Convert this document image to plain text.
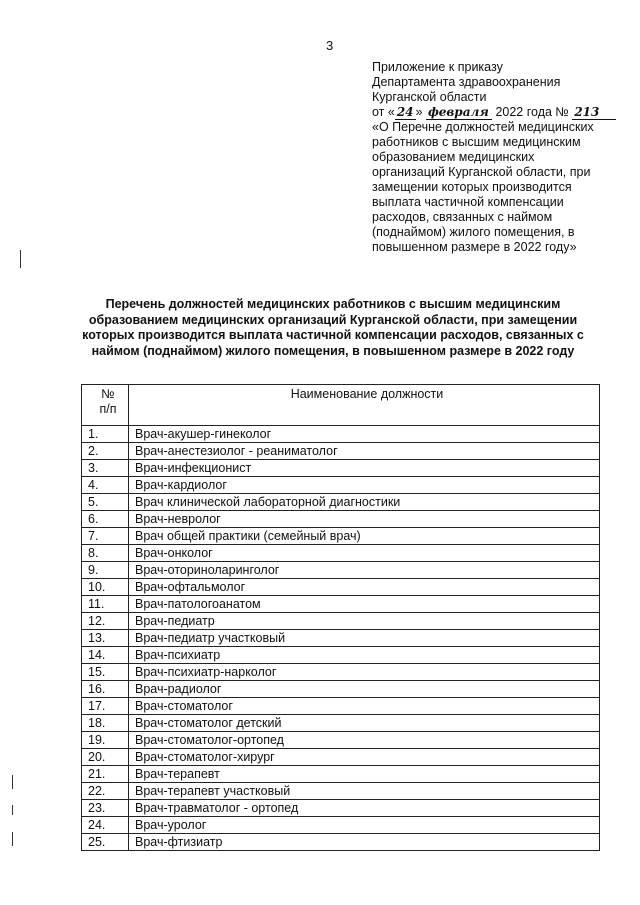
3
Приложение к приказу
Департамента здравоохранения
Курганской области
от « 24 » февраля 2022 года № 213
«О Перечне должностей медицинских
работников с высшим медицинским
образованием медицинских
организаций Курганской области, при
замещении которых производится
выплата частичной компенсации
расходов, связанных с наймом
(поднаймом) жилого помещения, в
повышенном размере в 2022 году»
Перечень должностей медицинских работников с высшим медицинским образованием медицинских организаций Курганской области, при замещении которых производится выплата частичной компенсации расходов, связанных с наймом (поднаймом) жилого помещения, в повышенном размере в 2022 году
№
п/п	Наименование должности
1.	Врач-акушер-гинеколог
2.	Врач-анестезиолог - реаниматолог
3.	Врач-инфекционист
4.	Врач-кардиолог
5.	Врач клинической лабораторной диагностики
6.	Врач-невролог
7.	Врач общей практики (семейный врач)
8.	Врач-онколог
9.	Врач-оториноларинголог
10.	Врач-офтальмолог
11.	Врач-патологоанатом
12.	Врач-педиатр
13.	Врач-педиатр участковый
14.	Врач-психиатр
15.	Врач-психиатр-нарколог
16.	Врач-радиолог
17.	Врач-стоматолог
18.	Врач-стоматолог детский
19.	Врач-стоматолог-ортопед
20.	Врач-стоматолог-хирург
21.	Врач-терапевт
22.	Врач-терапевт участковый
23.	Врач-травматолог - ортопед
24.	Врач-уролог
25.	Врач-фтизиатр
